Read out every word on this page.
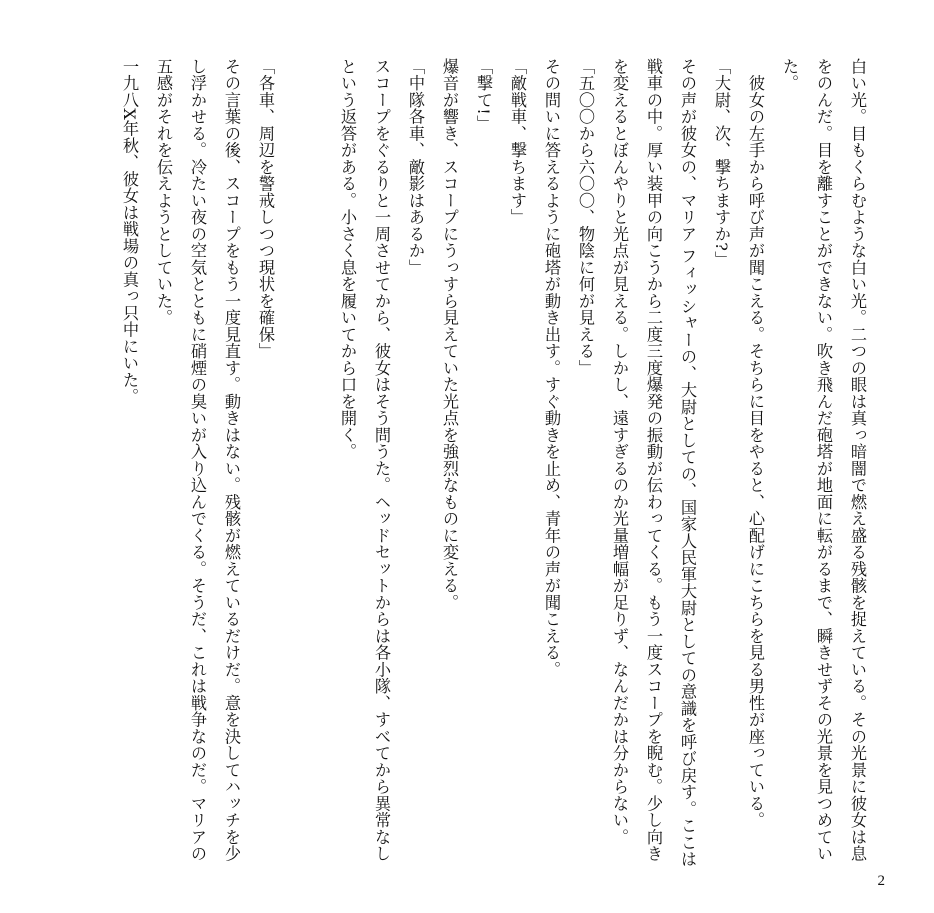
白い光。目もくらむような白い光。二つの眼は真っ暗闇で燃え盛る残骸を捉えている。その光景に彼女は息をのんだ。目を離すことができない。吹き飛んだ砲塔が地面に転がるまで、瞬きせずその光景を見つめていた。

　彼女の左手から呼び声が聞こえる。そちらに目をやると、心配げにこちらを見る男性が座っている。

「大尉、次、撃ちますか?」

その声が彼女の、マリア フィッシャーの、大尉としての、国家人民軍大尉としての意識を呼び戻す。ここは戦車の中。厚い装甲の向こうから二度三度爆発の振動が伝わってくる。もう一度スコープを睨む。少し向きを変えるとぼんやりと光点が見える。しかし、遠すぎるのか光量増幅が足りず、なんだかは分からない。

「五〇〇から六〇〇、物陰に何が見える」

その問いに答えるように砲塔が動き出す。すぐ動きを止め、青年の声が聞こえる。

「敵戦車、撃ちます」

「撃て!」

爆音が響き、スコープにうっすら見えていた光点を強烈なものに変える。

「中隊各車、敵影はあるか」

スコープをぐるりと一周させてから、彼女はそう問うた。ヘッドセットからは各小隊、すべてから異常なしという返答がある。小さく息を履いてから口を開く。

「各車、周辺を警戒しつつ現状を確保」

その言葉の後、スコープをもう一度見直す。動きはない。残骸が燃えているだけだ。意を決してハッチを少し浮かせる。冷たい夜の空気とともに硝煙の臭いが入り込んでくる。そうだ、これは戦争なのだ。マリアの五感がそれを伝えようとしていた。

一九八X年秋、彼女は戦場の真っ只中にいた。

2
